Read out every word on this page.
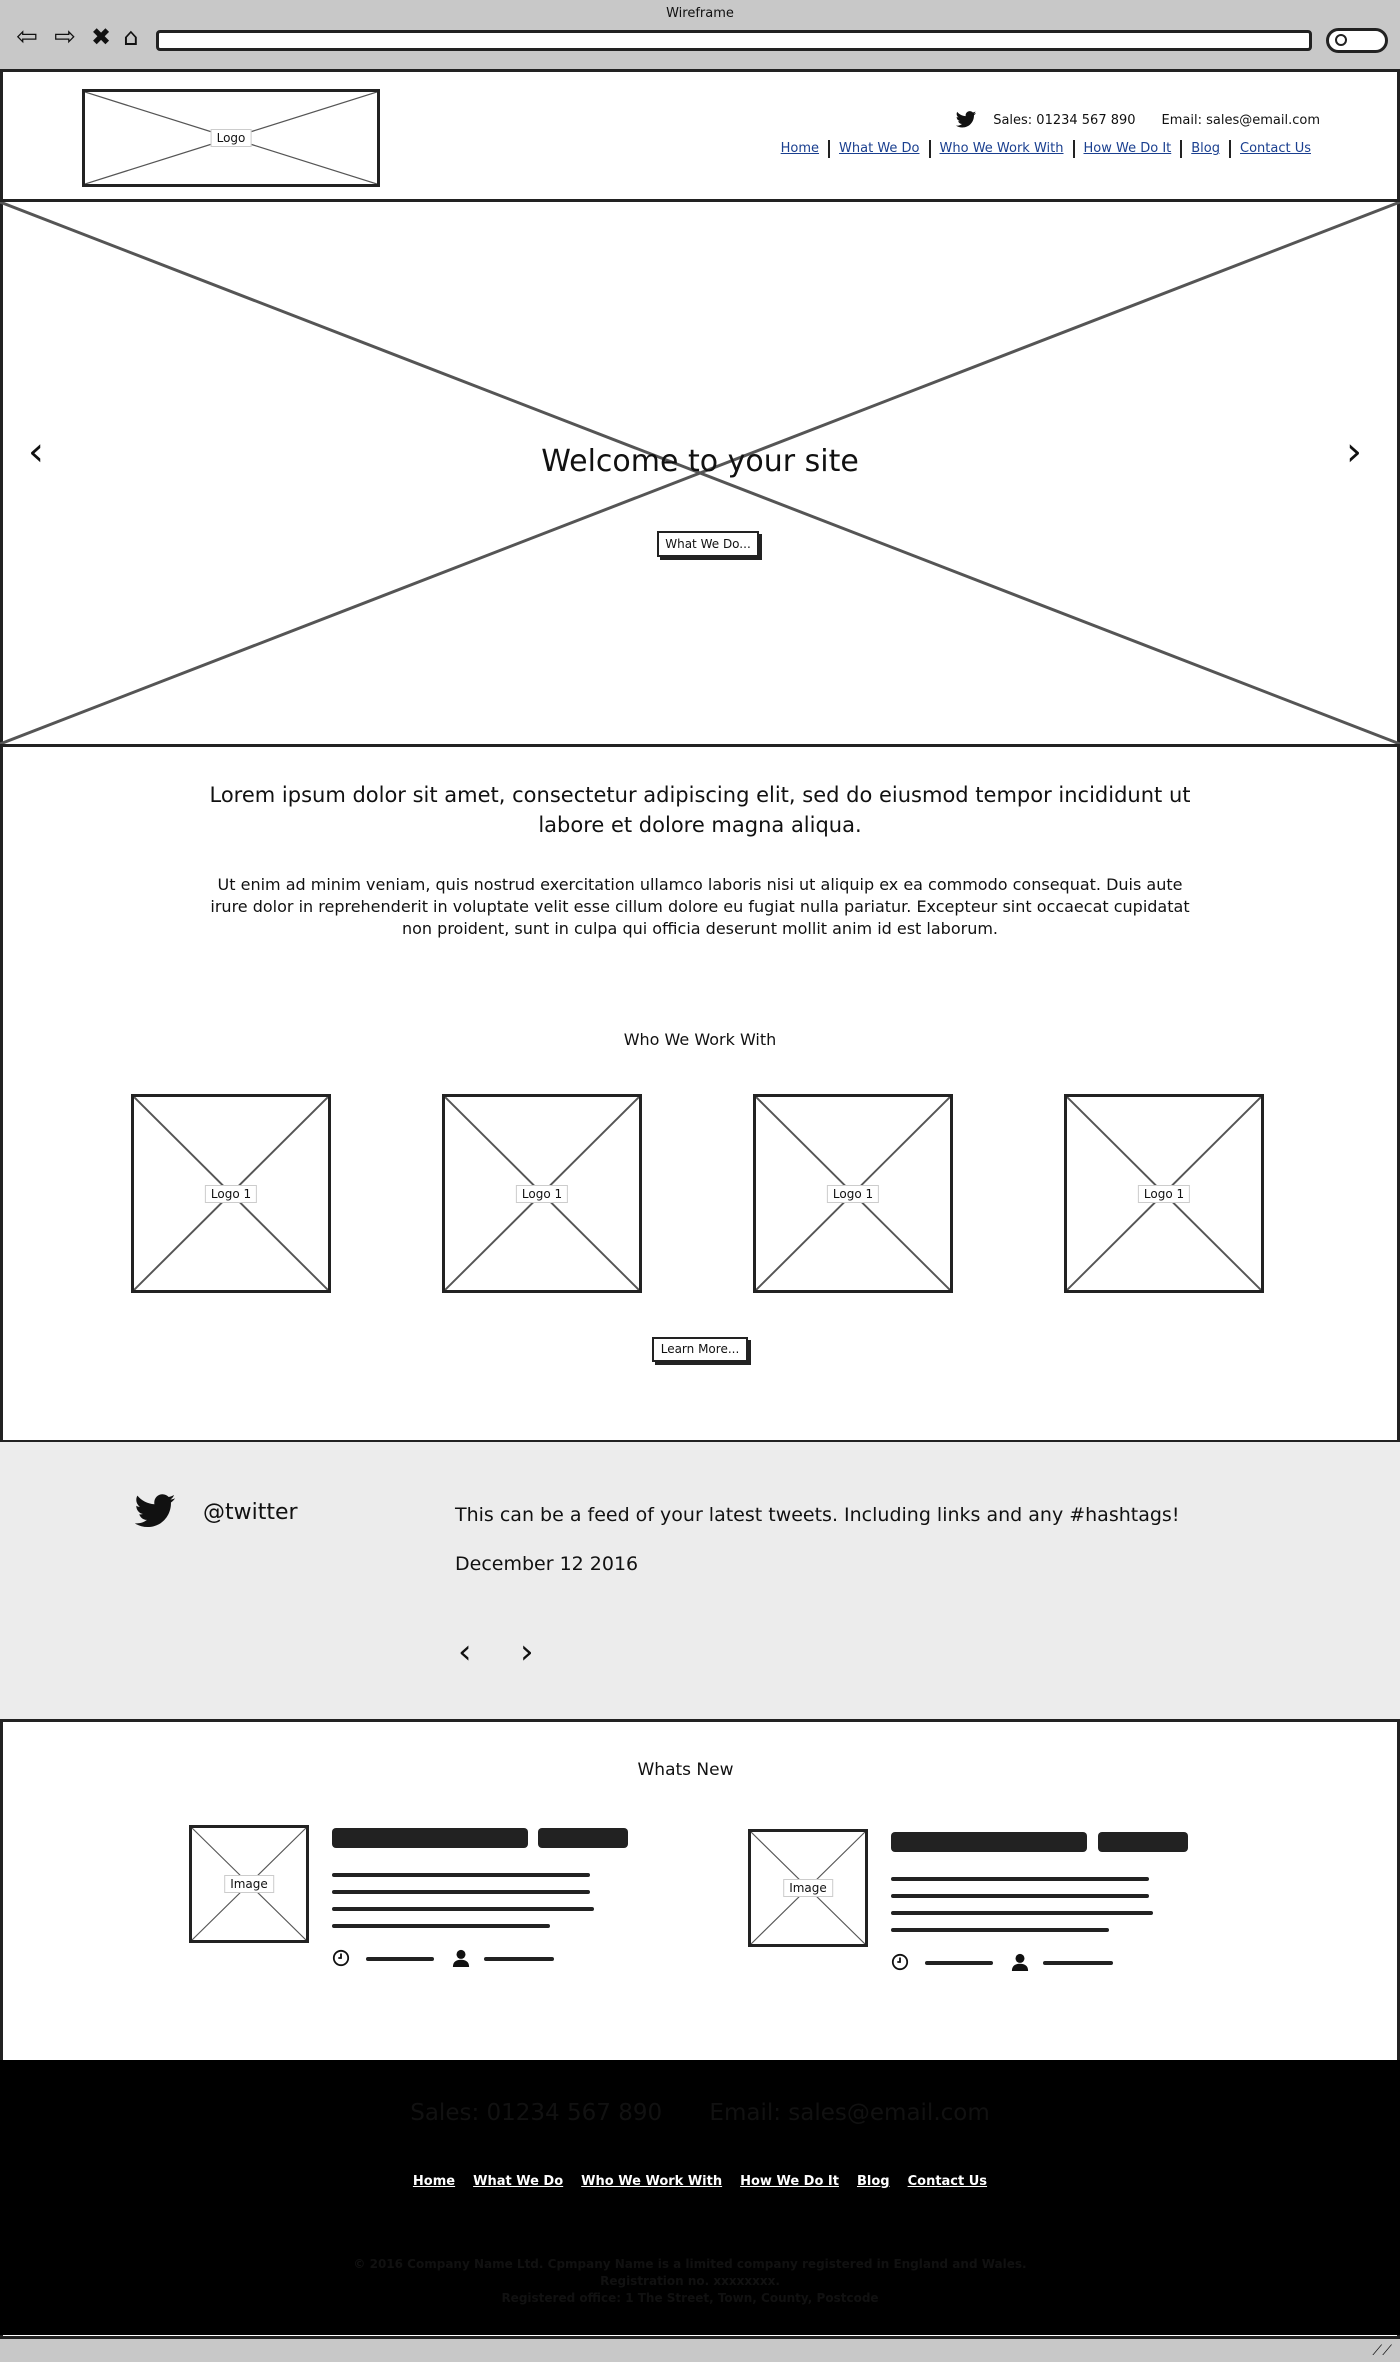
Wireframe
⇦ ⇨ ✖ ⌂
Logo
Sales: 01234 567 890 Email: sales@email.com
Home	What We Do	Who We Work With	How We Do It	Blog	Contact Us
‹	›
Welcome to your site
What We Do...
Lorem ipsum dolor sit amet, consectetur adipiscing elit, sed do eiusmod tempor incididunt ut labore et dolore magna aliqua.
Ut enim ad minim veniam, quis nostrud exercitation ullamco laboris nisi ut aliquip ex ea commodo consequat. Duis aute irure dolor in reprehenderit in voluptate velit esse cillum dolore eu fugiat nulla pariatur. Excepteur sint occaecat cupidatat non proident, sunt in culpa qui officia deserunt mollit anim id est laborum.
Who We Work With
Logo 1	Logo 1	Logo 1	Logo 1
Learn More...
@twitter	This can be a feed of your latest tweets. Including links and any #hashtags!
December 12 2016
‹ ›
Whats New
Image	Image
Sales: 01234 567 890 Email: sales@email.com
Home What We Do Who We Work With How We Do It Blog Contact Us
© 2016 Company Name Ltd. Cpmpany Name is a limited company registered in England and Wales.
Registration no. xxxxxxxx.
Registered office: 1 The Street, Town, County, Postcode
⟋⟋
